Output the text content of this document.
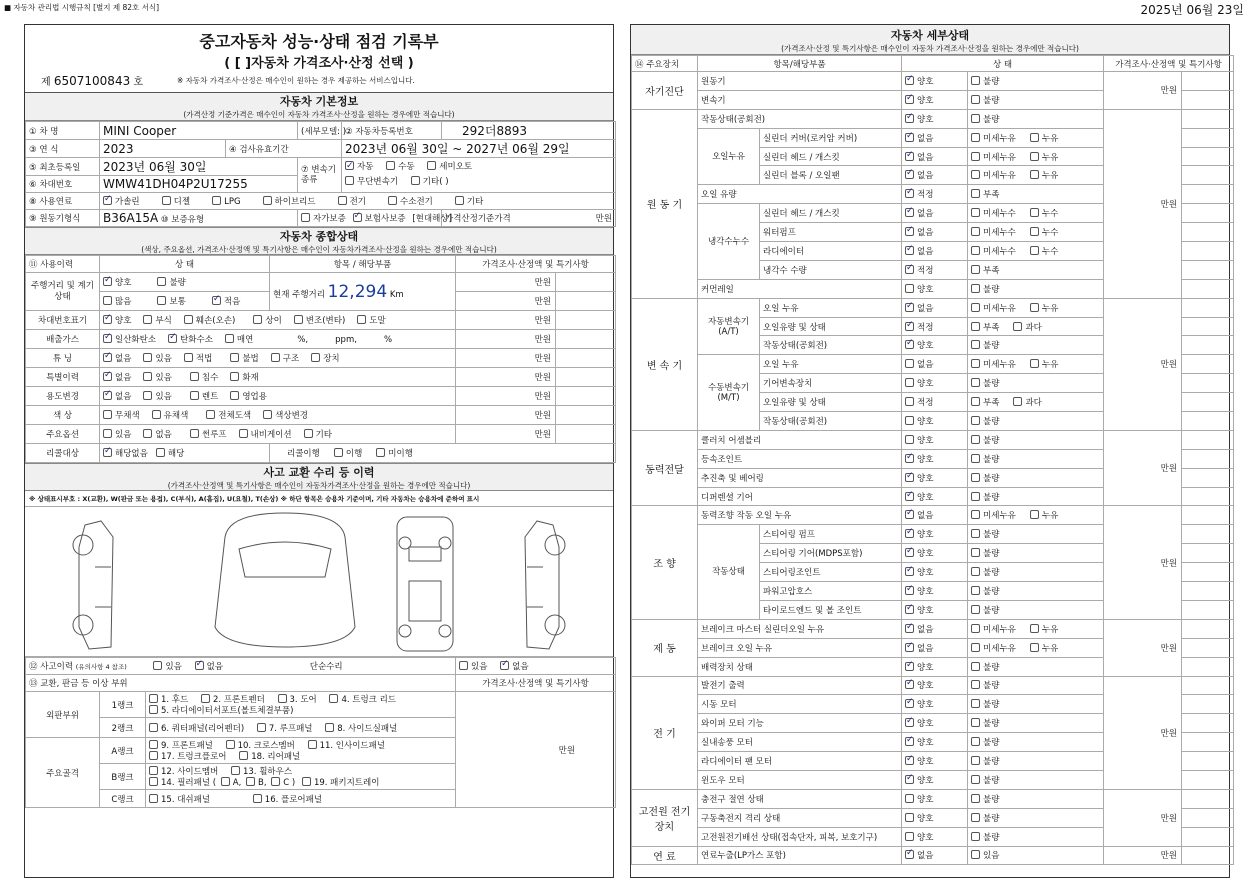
■ 자동차 관리법 시행규칙 [별지 제 82호 서식]	2025년 06월 23일
중고자동차 성능·상태 점검 기록부
( [ ]자동차 가격조사·산정 선택 )
제 6507100843 호	※ 자동차 가격조사·산정은 매수인이 원하는 경우 제공하는 서비스입니다.
자동차 기본정보
(가격산정 기준가격은 매수인이 자동차 가격조사·산정을 원하는 경우에만 적습니다)
① 차 명	MINI Cooper		(세부모델: )	② 자동차등록번호	292더8893
③ 연 식	2023	④ 검사유효기간		2023년 06월 30일 ~ 2027년 06월 29일	
⑤ 최초등록일	2023년 06월 30일		⑦ 변속기종류	✓자동 수동 세미오토
무단변속기 기타( )
⑥ 차대번호	WMW41DH04P2U17255				
⑧ 사용연료	✓가솔린 디젤 LPG 하이브리드 전기 수소전기 기타
⑨ 원동기형식	B36A15A ⑩ 보증유형		자가보증 ✓ 보험사보증 [현대해상]		가격산정기준가격 만원
자동차 종합상태
(색상, 주요옵션, 가격조사·산정액 및 특기사항은 매수인이 자동차가격조사·산정을 원하는 경우에만 적습니다)
⑪ 사용이력	상 태	항목 / 해당부품	가격조사·산정액 및 특기사항	
주행거리 및 계기상태	✓양호 불량	현재 주행거리 12,294 Km	만원	
	많음 보통 ✓ 적음		만원	
차대번호표기	✓양호 부식 훼손(오손) 상이 변조(변타) 도말		만원	
배출가스	✓일산화탄소 ✓ 탄화수소 매연 %,          ppm,          %		만원	
튜 닝	✓없음 있음 적법 불법 구조 장치		만원	
특별이력	✓없음 있음 침수 화재		만원	
용도변경	✓없음 있음 렌트 영업용		만원	
색 상	무채색 유채색 전체도색 색상변경		만원	
주요옵션	있음 없음 썬루프 내비게이션 기타		만원	
리콜대상	✓해당없음 해당	리콜이행 이행 미이행		
사고 교환 수리 등 이력
(가격조사·산정액 및 특기사항은 매수인이 자동차가격조사·산정을 원하는 경우에만 적습니다)
※ 상태표시부호 : X(교환), W(판금 또는 용접), C(부식), A(흠집), U(요철), T(손상) ※ 하단 항목은 승용차 기준이며, 기타 자동차는 승용차에 준하여 표시
⑫ 사고이력 (유의사항 4 참조) 있음 ✓ 없음 단순수리			있음 ✓ 없음
⑬ 교환, 판금 등 이상 부위			가격조사·산정액 및 특기사항
외판부위	1랭크	1. 후드 2. 프론트펜더 3. 도어 4. 트렁크 리드
5. 라디에이터서포트(볼트체결부품)	만원
	2랭크	6. 쿼터패널(리어펜더) 7. 루프패널 8. 사이드실패널	
주요골격	A랭크	9. 프론트패널 10. 크로스멤버 11. 인사이드패널
17. 트렁크플로어 18. 리어패널	
	B랭크	12. 사이드멤버 13. 휠하우스
14. 필러패널 ( A, B, C ) 19. 패키지트레이	
	C랭크	15. 대쉬패널 16. 플로어패널	
자동차 세부상태
(가격조사·산정 및 특기사항은 매수인이 자동차 가격조사·산정을 원하는 경우에만 적습니다)
⑭ 주요장치	항목/해당부품		상 태		가격조사·산정액 및 특기사항	
자기진단	원동기	✓양호	불량	만원	
	변속기	✓양호	불량		
원 동 기	작동상태(공회전)	✓양호	불량	만원	
	오일누유	실린더 커버(로커암 커버)	✓없음	미세누유 누유		
		실린더 헤드 / 개스킷	✓없음	미세누유 누유		
		실린더 블록 / 오일팬	✓없음	미세누유 누유		
	오일 유량	✓적정	부족		
	냉각수누수	실린더 헤드 / 개스킷	✓없음	미세누수 누수		
		워터펌프	✓없음	미세누수 누수		
		라디에이터	✓없음	미세누수 누수		
		냉각수 수량	✓적정	부족		
	커먼레일		양호	불량		
변 속 기	자동변속기 (A/T)	오일 누유	✓없음	미세누유 누유	만원	
		오일유량 및 상태	✓적정	부족 과다		
		작동상태(공회전)	✓양호	불량		
	수동변속기 (M/T)	오일 누유	없음	미세누유 누유		
		기어변속장치	양호	불량		
		오일유량 및 상태	적정	부족 과다		
		작동상태(공회전)	양호	불량		
동력전달	클러치 어셈블리		양호	불량	만원	
	등속조인트	✓양호	불량		
	추진축 및 베어링	✓양호	불량		
	디퍼렌셜 기어	✓양호	불량		
조 향	동력조향 작동 오일 누유	✓없음	미세누유 누유	만원	
	작동상태	스티어링 펌프	✓양호	불량		
		스티어링 기어(MDPS포함)	✓양호	불량		
		스티어링조인트	✓양호	불량		
		파워고압호스	✓양호	불량		
		타이로드엔드 및 볼 조인트	✓양호	불량		
제 동	브레이크 마스터 실린더오일 누유	✓없음	미세누유 누유	만원	
	브레이크 오일 누유	✓없음	미세누유 누유		
	배력장치 상태	✓양호	불량		
전 기	발전기 출력	✓양호	불량	만원	
	시동 모터	✓양호	불량		
	와이퍼 모터 기능	✓양호	불량		
	실내송풍 모터	✓양호	불량		
	라디에이터 팬 모터	✓양호	불량		
	윈도우 모터	✓양호	불량		
고전원 전기장치	충전구 절연 상태		양호	불량	만원	
	구동축전지 격리 상태		양호	불량		
	고전원전기배선 상태(접속단자, 피복, 보호기구)		양호	불량		
연 료	연료누출(LP가스 포함)	✓없음	있음	만원	
